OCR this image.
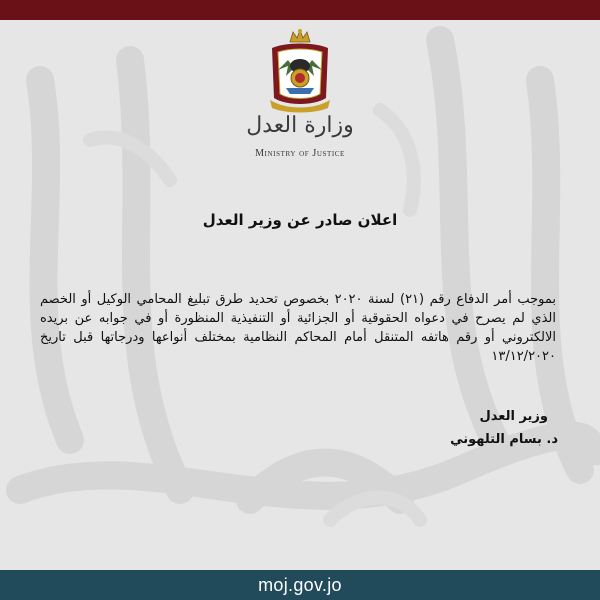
وزارة العدل
Ministry of Justice
اعلان صادر عن وزير العدل
بموجب أمر الدفاع رقم (٢١) لسنة ٢٠٢٠ بخصوص تحديد طرق تبليغ المحامي الوكيل أو الخصم الذي لم يصرح في دعواه الحقوقية أو الجزائية أو التنفيذية المنظورة أو في جوابه عن بريده الالكتروني أو رقم هاتفه المتنقل أمام المحاكم النظامية بمختلف أنواعها ودرجاتها قبل تاريخ ١٣/١٢/٢٠٢٠
وزير العدل
د. بسام التلهوني
moj.gov.jo
